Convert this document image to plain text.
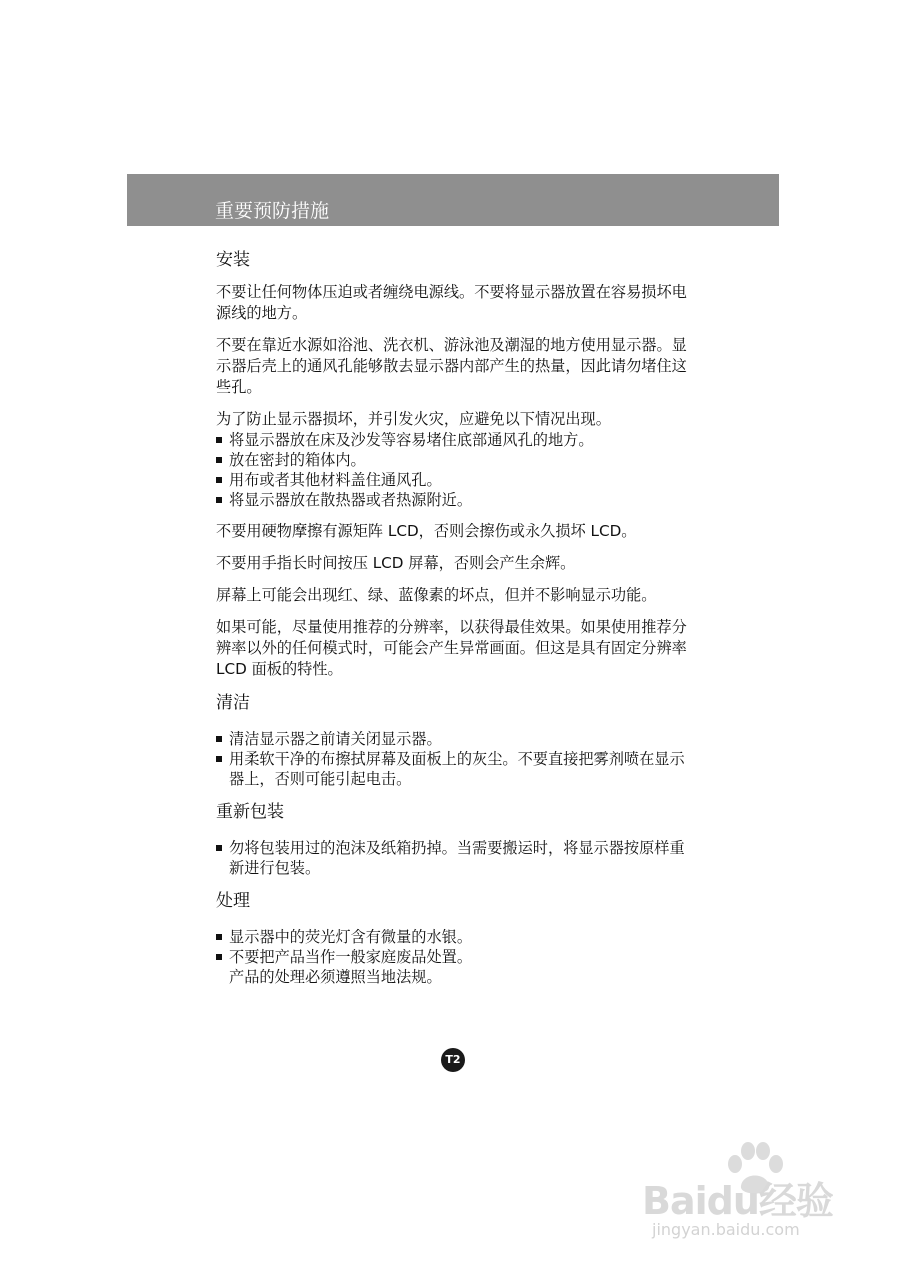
重要预防措施
安装

不要让任何物体压迫或者缠绕电源线。不要将显示器放置在容易损坏电源线的地方。

不要在靠近水源如浴池、洗衣机、游泳池及潮湿的地方使用显示器。显示器后壳上的通风孔能够散去显示器内部产生的热量，因此请勿堵住这些孔。

为了防止显示器损坏，并引发火灾，应避免以下情况出现。

将显示器放在床及沙发等容易堵住底部通风孔的地方。
放在密封的箱体内。
用布或者其他材料盖住通风孔。
将显示器放在散热器或者热源附近。

不要用硬物摩擦有源矩阵 LCD，否则会擦伤或永久损坏 LCD。

不要用手指长时间按压 LCD 屏幕，否则会产生余辉。

屏幕上可能会出现红、绿、蓝像素的坏点，但并不影响显示功能。

如果可能，尽量使用推荐的分辨率，以获得最佳效果。如果使用推荐分辨率以外的任何模式时，可能会产生异常画面。但这是具有固定分辨率 LCD 面板的特性。

清洁
清洁显示器之前请关闭显示器。
用柔软干净的布擦拭屏幕及面板上的灰尘。不要直接把雾剂喷在显示器上，否则可能引起电击。
重新包装
勿将包装用过的泡沫及纸箱扔掉。当需要搬运时，将显示器按原样重新进行包装。
处理
显示器中的荧光灯含有微量的水银。
不要把产品当作一般家庭废品处置。
产品的处理必须遵照当地法规。
T2
Baidu经验
jingyan.baidu.com
